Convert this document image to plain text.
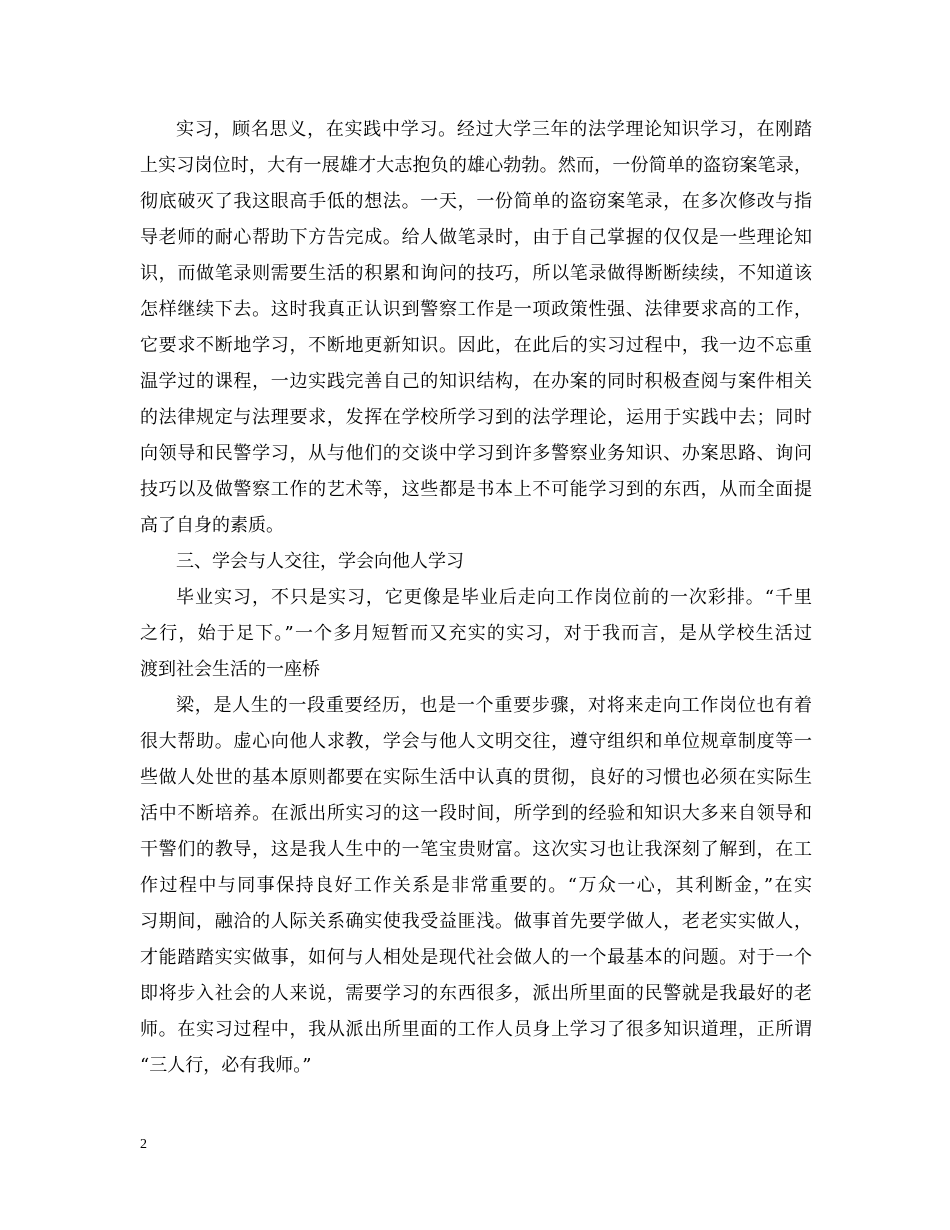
实习，顾名思义，在实践中学习。经过大学三年的法学理论知识学习，在刚踏
上实习岗位时，大有一展雄才大志抱负的雄心勃勃。然而，一份简单的盗窃案笔录，
彻底破灭了我这眼高手低的想法。一天，一份简单的盗窃案笔录，在多次修改与指
导老师的耐心帮助下方告完成。给人做笔录时，由于自己掌握的仅仅是一些理论知
识，而做笔录则需要生活的积累和询问的技巧，所以笔录做得断断续续，不知道该
怎样继续下去。这时我真正认识到警察工作是一项政策性强、法律要求高的工作，
它要求不断地学习，不断地更新知识。因此，在此后的实习过程中，我一边不忘重
温学过的课程，一边实践完善自己的知识结构，在办案的同时积极查阅与案件相关
的法律规定与法理要求，发挥在学校所学习到的法学理论，运用于实践中去；同时
向领导和民警学习，从与他们的交谈中学习到许多警察业务知识、办案思路、询问
技巧以及做警察工作的艺术等，这些都是书本上不可能学习到的东西，从而全面提
高了自身的素质。
三、学会与人交往，学会向他人学习
毕业实习，不只是实习，它更像是毕业后走向工作岗位前的一次彩排。“千里
之行，始于足下。”一个多月短暂而又充实的实习，对于我而言，是从学校生活过
渡到社会生活的一座桥
梁，是人生的一段重要经历，也是一个重要步骤，对将来走向工作岗位也有着
很大帮助。虚心向他人求教，学会与他人文明交往，遵守组织和单位规章制度等一
些做人处世的基本原则都要在实际生活中认真的贯彻，良好的习惯也必须在实际生
活中不断培养。在派出所实习的这一段时间，所学到的经验和知识大多来自领导和
干警们的教导，这是我人生中的一笔宝贵财富。这次实习也让我深刻了解到，在工
作过程中与同事保持良好工作关系是非常重要的。“万众一心，其利断金，”在实
习期间，融洽的人际关系确实使我受益匪浅。做事首先要学做人，老老实实做人，
才能踏踏实实做事，如何与人相处是现代社会做人的一个最基本的问题。对于一个
即将步入社会的人来说，需要学习的东西很多，派出所里面的民警就是我最好的老
师。在实习过程中，我从派出所里面的工作人员身上学习了很多知识道理，正所谓
“三人行，必有我师。”
2
